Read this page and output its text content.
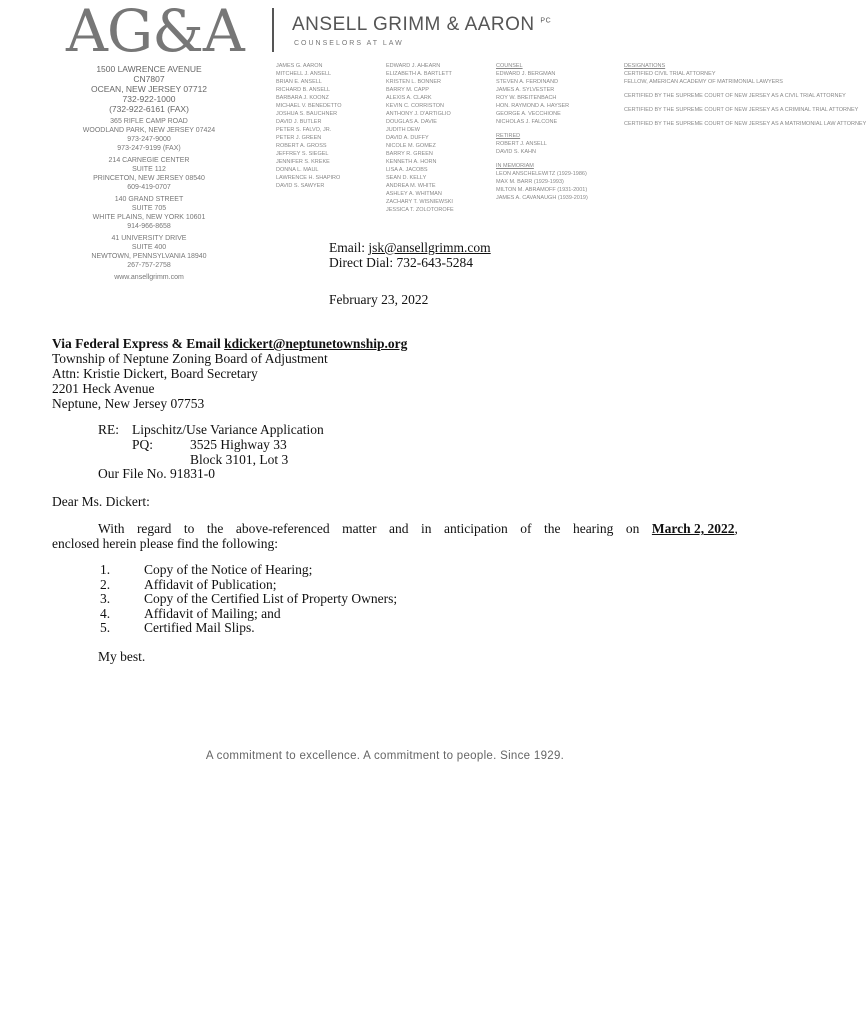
AG&A	ANSELL GRIMM & AARON $^{PC}$
COUNSELORS AT LAW
1500 LAWRENCE AVENUE
CN7807
OCEAN, NEW JERSEY 07712
732-922-1000
(732-922-6161 (FAX)
365 RIFLE CAMP ROAD
WOODLAND PARK, NEW JERSEY 07424
973-247-9000
973-247-9199 (FAX)
214 CARNEGIE CENTER
SUITE 112
PRINCETON, NEW JERSEY 08540
609-419-0707
140 GRAND STREET
SUITE 705
WHITE PLAINS, NEW YORK 10601
914-966-8658
41 UNIVERSITY DRIVE
SUITE 400
NEWTOWN, PENNSYLVANIA 18940
267-757-2758
www.ansellgrimm.com
JAMES G. AARON
MITCHELL J. ANSELL
BRIAN E. ANSELL
RICHARD B. ANSELL
BARBARA J. KOONZ
MICHAEL V. BENEDETTO
JOSHUA S. BAUCHNER
DAVID J. BUTLER
PETER S. FALVO, JR.
PETER J. GREEN
ROBERT A. GROSS
JEFFREY S. SIEGEL
JENNIFER S. KREKE
DONNA L. MAUL
LAWRENCE H. SHAPIRO
DAVID S. SAWYER
EDWARD J. AHEARN
ELIZABETH A. BARTLETT
KRISTEN L. BONNER
BARRY M. CAPP
ALEXIS A. CLARK
KEVIN C. CORRISTON
ANTHONY J. D'ARTIGLIO
DOUGLAS A. DAVIE
JUDITH DEW
DAVID A. DUFFY
NICOLE M. GOMEZ
BARRY R. GREEN
KENNETH A. HORN
LISA A. JACOBS
SEAN D. KELLY
ANDREA M. WHITE
ASHLEY A. WHITMAN
ZACHARY T. WISNIEWSKI
JESSICA T. ZOLOTOROFE
COUNSEL
EDWARD J. BERGMAN
STEVEN A. FERDINAND
JAMES A. SYLVESTER
ROY W. BREITENBACH
HON. RAYMOND A. HAYSER
GEORGE A. VECCHIONE
NICHOLAS J. FALCONE
RETIRED
ROBERT J. ANSELL
DAVID S. KAHN
IN MEMORIAM
LEON ANSCHELEWITZ (1929-1986)
MAX M. BARR (1929-1993)
MILTON M. ABRAMOFF (1931-2001)
JAMES A. CAVANAUGH (1939-2019)
DESIGNATIONS
CERTIFIED CIVIL TRIAL ATTORNEY
FELLOW, AMERICAN ACADEMY OF MATRIMONIAL LAWYERS
CERTIFIED BY THE SUPREME COURT OF NEW JERSEY AS A CIVIL TRIAL ATTORNEY
CERTIFIED BY THE SUPREME COURT OF NEW JERSEY AS A CRIMINAL TRIAL ATTORNEY
CERTIFIED BY THE SUPREME COURT OF NEW JERSEY AS A MATRIMONIAL LAW ATTORNEY
Email: jsk@ansellgrimm.com
Direct Dial: 732-643-5284
February 23, 2022
Via Federal Express & Email kdickert@neptunetownship.org
Township of Neptune Zoning Board of Adjustment
Attn: Kristie Dickert, Board Secretary
2201 Heck Avenue
Neptune, New Jersey 07753
RE: Lipschitz/Use Variance Application
PQ:	3525 Highway 33
Block 3101, Lot 3
Our File No. 91831-0
Dear Ms. Dickert:
With regard to the above-referenced matter and in anticipation of the hearing on March 2, 2022,
enclosed herein please find the following:
1.	Copy of the Notice of Hearing;
2.	Affidavit of Publication;
3.	Copy of the Certified List of Property Owners;
4.	Affidavit of Mailing; and
5.	Certified Mail Slips.
My best.
A commitment to excellence. A commitment to people. Since 1929.
